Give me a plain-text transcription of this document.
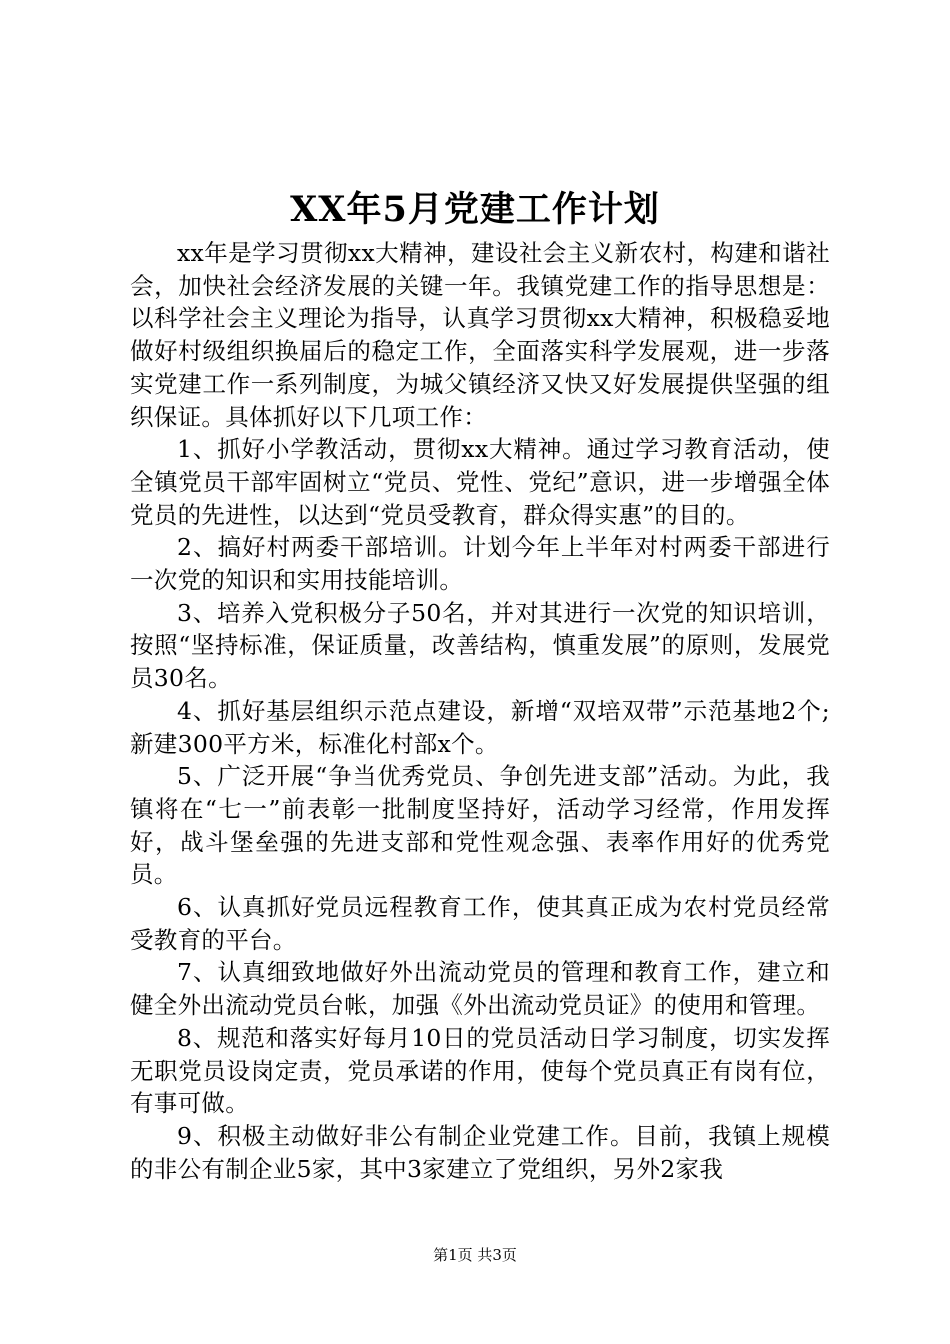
XX年5月党建工作计划

xx年是学习贯彻xx大精神，建设社会主义新农村，构建和谐社会，加快社会经济发展的关键一年。我镇党建工作的指导思想是：以科学社会主义理论为指导，认真学习贯彻xx大精神，积极稳妥地做好村级组织换届后的稳定工作，全面落实科学发展观，进一步落实党建工作一系列制度，为城父镇经济又快又好发展提供坚强的组织保证。具体抓好以下几项工作：

1、抓好小学教活动，贯彻xx大精神。通过学习教育活动，使全镇党员干部牢固树立“党员、党性、党纪”意识，进一步增强全体党员的先进性，以达到“党员受教育，群众得实惠”的目的。

2、搞好村两委干部培训。计划今年上半年对村两委干部进行一次党的知识和实用技能培训。

3、培养入党积极分子50名，并对其进行一次党的知识培训，按照“坚持标准，保证质量，改善结构，慎重发展”的原则，发展党员30名。

4、抓好基层组织示范点建设，新增“双培双带”示范基地2个;新建300平方米，标准化村部x个。

5、广泛开展“争当优秀党员、争创先进支部”活动。为此，我镇将在“七一”前表彰一批制度坚持好，活动学习经常，作用发挥好，战斗堡垒强的先进支部和党性观念强、表率作用好的优秀党员。

6、认真抓好党员远程教育工作，使其真正成为农村党员经常受教育的平台。

7、认真细致地做好外出流动党员的管理和教育工作，建立和健全外出流动党员台帐，加强《外出流动党员证》的使用和管理。

8、规范和落实好每月10日的党员活动日学习制度，切实发挥无职党员设岗定责，党员承诺的作用，使每个党员真正有岗有位，有事可做。

9、积极主动做好非公有制企业党建工作。目前，我镇上规模的非公有制企业5家，其中3家建立了党组织，另外2家我

第1页 共3页
